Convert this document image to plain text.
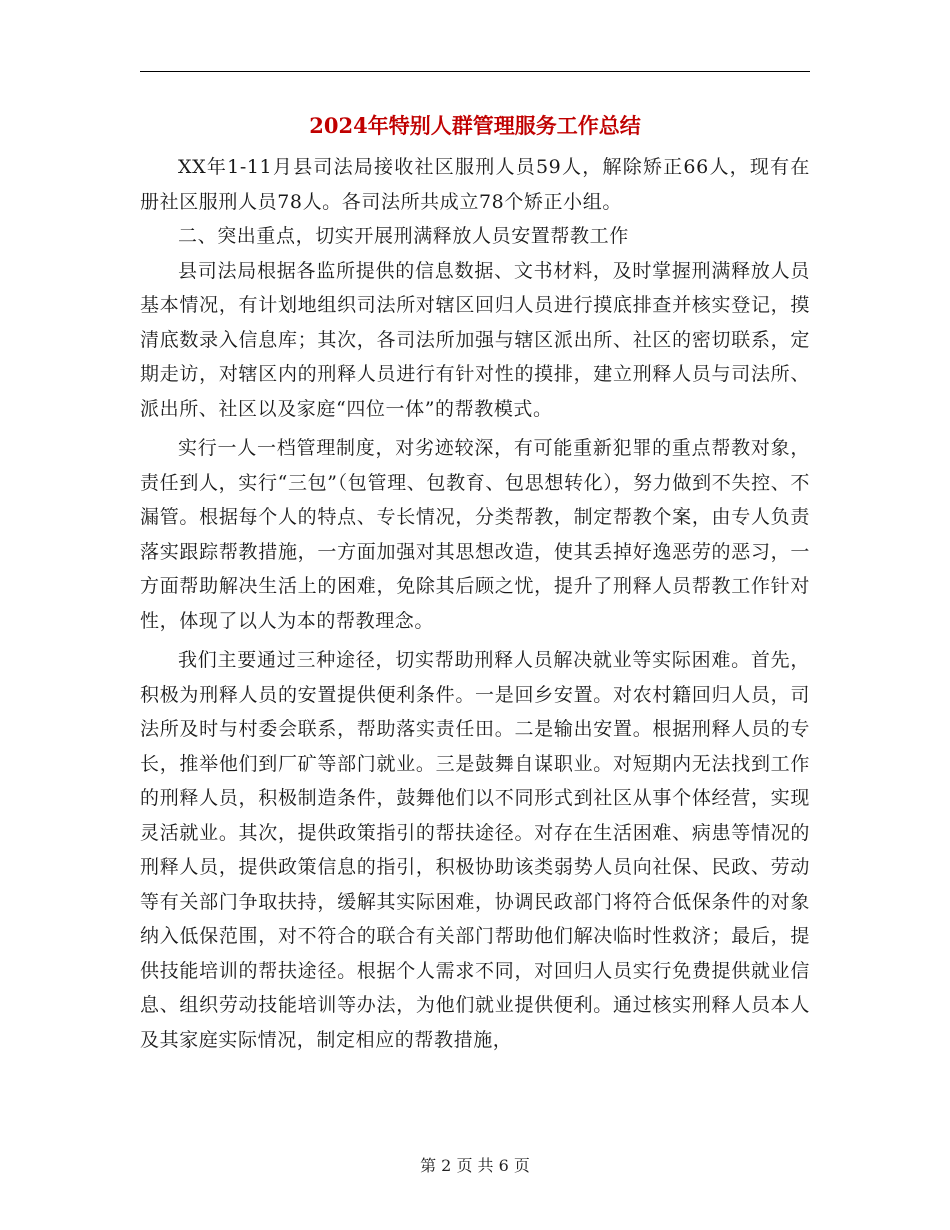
2024年特别人群管理服务工作总结

XX年1-11月县司法局接收社区服刑人员59人，解除矫正66人，现有在册社区服刑人员78人。各司法所共成立78个矫正小组。

二、突出重点，切实开展刑满释放人员安置帮教工作

县司法局根据各监所提供的信息数据、文书材料，及时掌握刑满释放人员基本情况，有计划地组织司法所对辖区回归人员进行摸底排查并核实登记，摸清底数录入信息库；其次，各司法所加强与辖区派出所、社区的密切联系，定期走访，对辖区内的刑释人员进行有针对性的摸排，建立刑释人员与司法所、派出所、社区以及家庭“四位一体”的帮教模式。

实行一人一档管理制度，对劣迹较深，有可能重新犯罪的重点帮教对象，责任到人，实行“三包”（包管理、包教育、包思想转化），努力做到不失控、不漏管。根据每个人的特点、专长情况，分类帮教，制定帮教个案，由专人负责落实跟踪帮教措施，一方面加强对其思想改造，使其丢掉好逸恶劳的恶习，一方面帮助解决生活上的困难，免除其后顾之忧，提升了刑释人员帮教工作针对性，体现了以人为本的帮教理念。

我们主要通过三种途径，切实帮助刑释人员解决就业等实际困难。首先，积极为刑释人员的安置提供便利条件。一是回乡安置。对农村籍回归人员，司法所及时与村委会联系，帮助落实责任田。二是输出安置。根据刑释人员的专长，推举他们到厂矿等部门就业。三是鼓舞自谋职业。对短期内无法找到工作的刑释人员，积极制造条件，鼓舞他们以不同形式到社区从事个体经营，实现灵活就业。其次，提供政策指引的帮扶途径。对存在生活困难、病患等情况的刑释人员，提供政策信息的指引，积极协助该类弱势人员向社保、民政、劳动等有关部门争取扶持，缓解其实际困难，协调民政部门将符合低保条件的对象纳入低保范围，对不符合的联合有关部门帮助他们解决临时性救济；最后，提供技能培训的帮扶途径。根据个人需求不同，对回归人员实行免费提供就业信息、组织劳动技能培训等办法，为他们就业提供便利。通过核实刑释人员本人及其家庭实际情况，制定相应的帮教措施，

第 2 页 共 6 页
